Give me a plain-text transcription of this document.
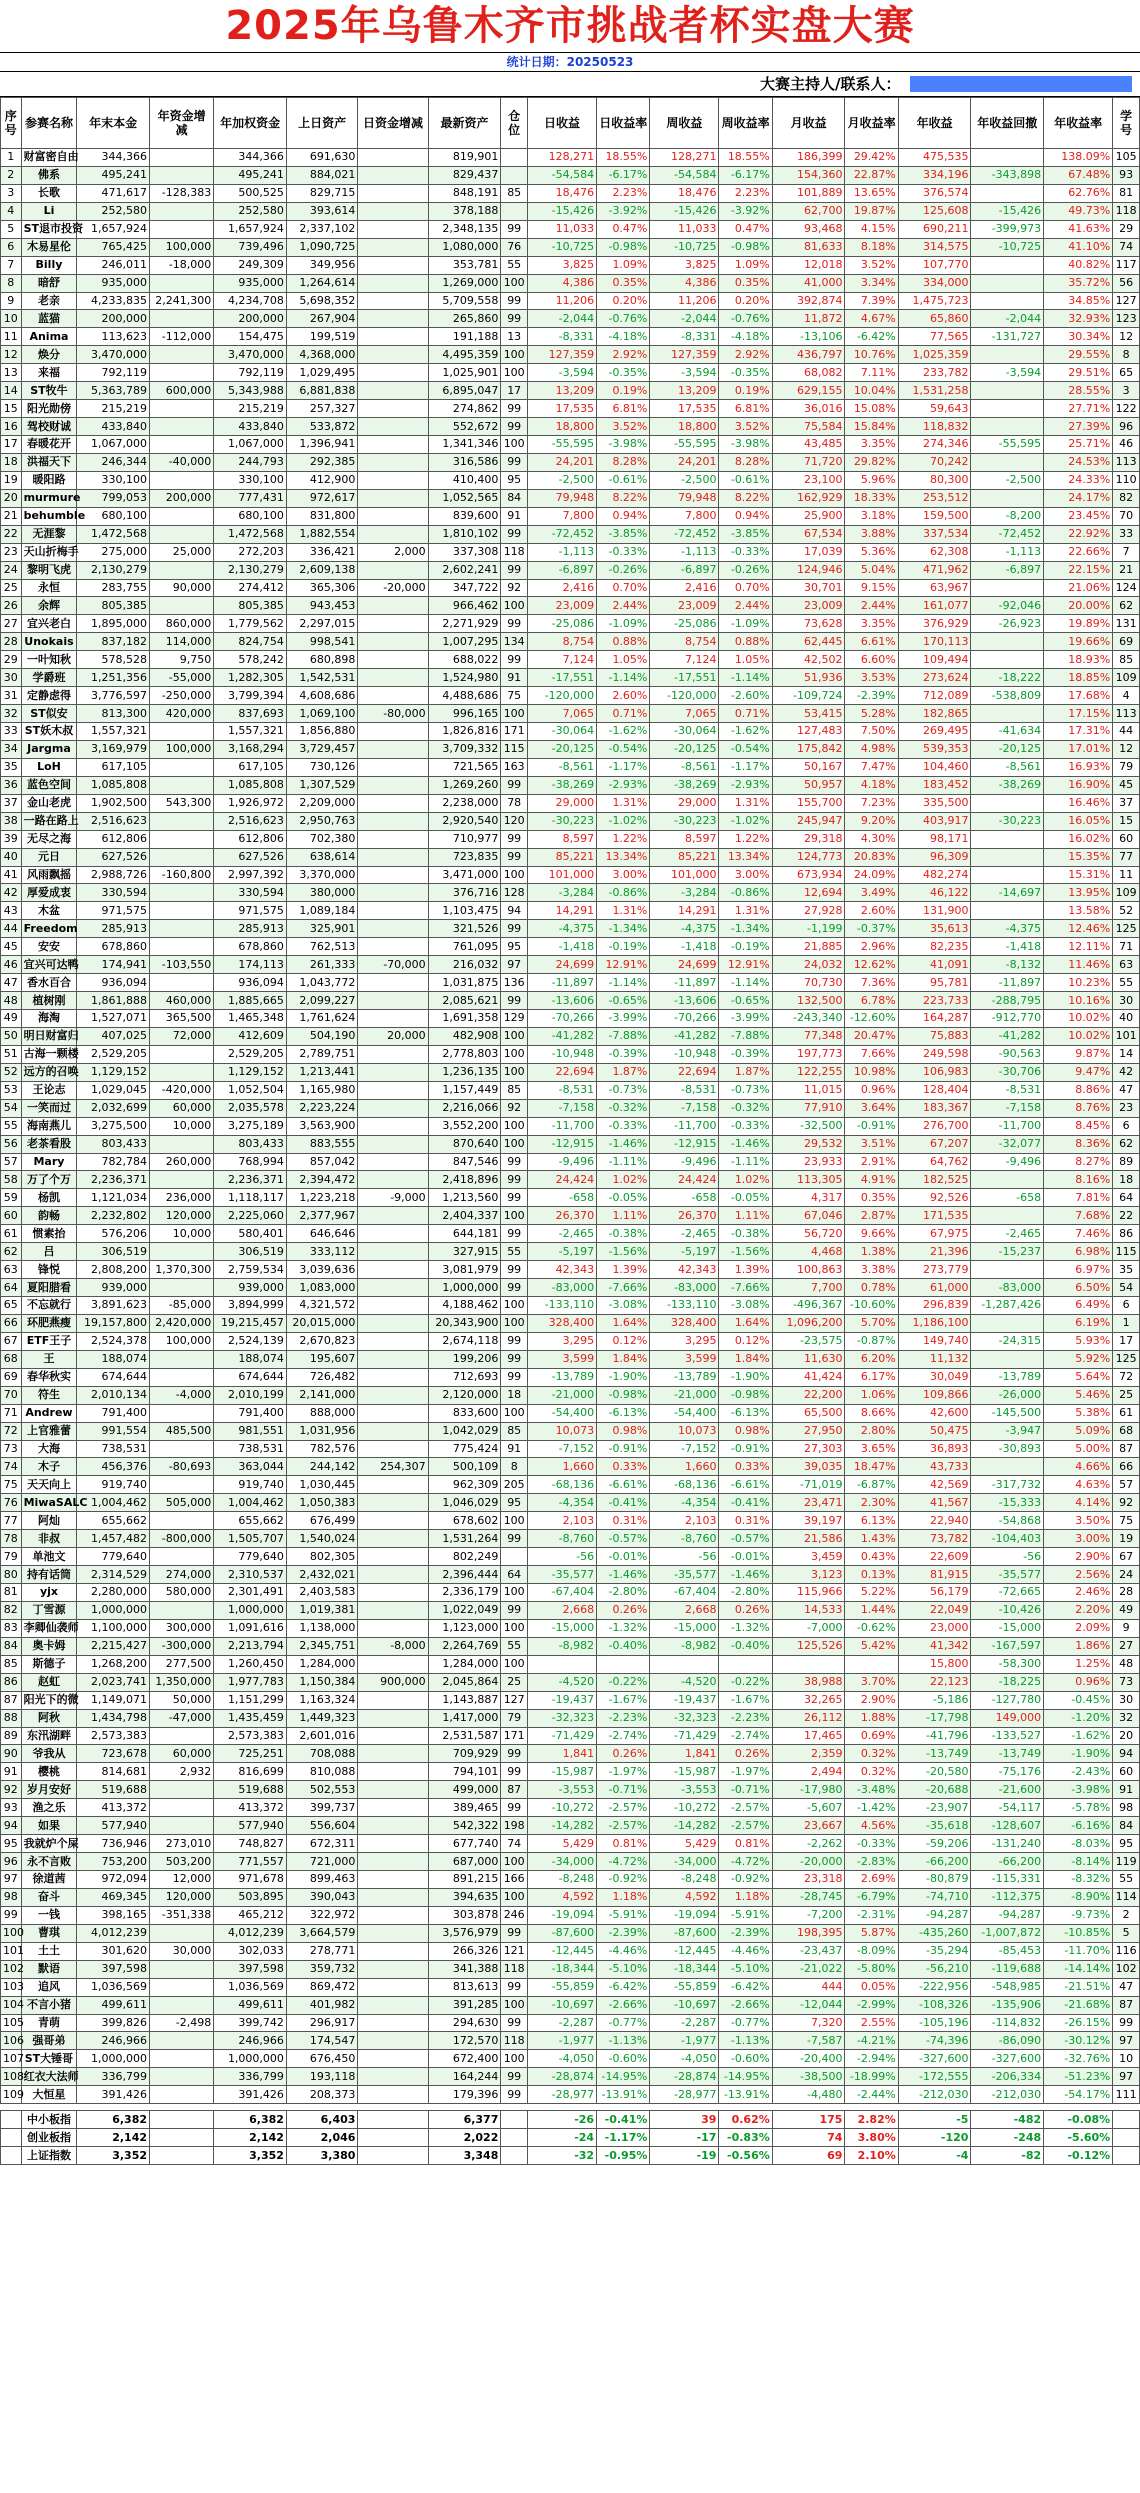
2025年乌鲁木齐市挑战者杯实盘大赛
统计日期：20250523
大赛主持人/联系人：
序号	参赛名称	年末本金	年资金增减	年加权资金	上日资产	日资金增减	最新资产	仓位	日收益	日收益率	周收益	周收益率	月收益	月收益率	年收益	年收益回撤	年收益率	学号
1	财富密自由	344,366		344,366	691,630		819,901		128,271	18.55%	128,271	18.55%	186,399	29.42%	475,535		138.09%	105
2	佛系	495,241		495,241	884,021		829,437		-54,584	-6.17%	-54,584	-6.17%	154,360	22.87%	334,196	-343,898	67.48%	93
3	长歌	471,617	-128,383	500,525	829,715		848,191	85	18,476	2.23%	18,476	2.23%	101,889	13.65%	376,574		62.76%	81
4	Li	252,580		252,580	393,614		378,188		-15,426	-3.92%	-15,426	-3.92%	62,700	19.87%	125,608	-15,426	49.73%	118
5	ST退市投资	1,657,924		1,657,924	2,337,102		2,348,135	99	11,033	0.47%	11,033	0.47%	93,468	4.15%	690,211	-399,973	41.63%	29
6	木易星伦	765,425	100,000	739,496	1,090,725		1,080,000	76	-10,725	-0.98%	-10,725	-0.98%	81,633	8.18%	314,575	-10,725	41.10%	74
7	Billy	246,011	-18,000	249,309	349,956		353,781	55	3,825	1.09%	3,825	1.09%	12,018	3.52%	107,770		40.82%	117
8	暗舒	935,000		935,000	1,264,614		1,269,000	100	4,386	0.35%	4,386	0.35%	41,000	3.34%	334,000		35.72%	56
9	老亲	4,233,835	2,241,300	4,234,708	5,698,352		5,709,558	99	11,206	0.20%	11,206	0.20%	392,874	7.39%	1,475,723		34.85%	127
10	蓝猫	200,000		200,000	267,904		265,860	99	-2,044	-0.76%	-2,044	-0.76%	11,872	4.67%	65,860	-2,044	32.93%	123
11	Anima	113,623	-112,000	154,475	199,519		191,188	13	-8,331	-4.18%	-8,331	-4.18%	-13,106	-6.42%	77,565	-131,727	30.34%	12
12	焕分	3,470,000		3,470,000	4,368,000		4,495,359	100	127,359	2.92%	127,359	2.92%	436,797	10.76%	1,025,359		29.55%	8
13	来福	792,119		792,119	1,029,495		1,025,901	100	-3,594	-0.35%	-3,594	-0.35%	68,082	7.11%	233,782	-3,594	29.51%	65
14	ST牧牛	5,363,789	600,000	5,343,988	6,881,838		6,895,047	17	13,209	0.19%	13,209	0.19%	629,155	10.04%	1,531,258		28.55%	3
15	阳光勋傍	215,219		215,219	257,327		274,862	99	17,535	6.81%	17,535	6.81%	36,016	15.08%	59,643		27.71%	122
16	驾校财诚	433,840		433,840	533,872		552,672	99	18,800	3.52%	18,800	3.52%	75,584	15.84%	118,832		27.39%	96
17	春暖花开	1,067,000		1,067,000	1,396,941		1,341,346	100	-55,595	-3.98%	-55,595	-3.98%	43,485	3.35%	274,346	-55,595	25.71%	46
18	洪福天下	246,344	-40,000	244,793	292,385		316,586	99	24,201	8.28%	24,201	8.28%	71,720	29.82%	70,242		24.53%	113
19	暖阳路	330,100		330,100	412,900		410,400	95	-2,500	-0.61%	-2,500	-0.61%	23,100	5.96%	80,300	-2,500	24.33%	110
20	murmure	799,053	200,000	777,431	972,617		1,052,565	84	79,948	8.22%	79,948	8.22%	162,929	18.33%	253,512		24.17%	82
21	behumble	680,100		680,100	831,800		839,600	91	7,800	0.94%	7,800	0.94%	25,900	3.18%	159,500	-8,200	23.45%	70
22	无涯黎	1,472,568		1,472,568	1,882,554		1,810,102	99	-72,452	-3.85%	-72,452	-3.85%	67,534	3.88%	337,534	-72,452	22.92%	33
23	天山折梅手	275,000	25,000	272,203	336,421	2,000	337,308	118	-1,113	-0.33%	-1,113	-0.33%	17,039	5.36%	62,308	-1,113	22.66%	7
24	黎明飞虎	2,130,279		2,130,279	2,609,138		2,602,241	99	-6,897	-0.26%	-6,897	-0.26%	124,946	5.04%	471,962	-6,897	22.15%	21
25	永恒	283,755	90,000	274,412	365,306	-20,000	347,722	92	2,416	0.70%	2,416	0.70%	30,701	9.15%	63,967		21.06%	124
26	余辉	805,385		805,385	943,453		966,462	100	23,009	2.44%	23,009	2.44%	23,009	2.44%	161,077	-92,046	20.00%	62
27	宜兴老白	1,895,000	860,000	1,779,562	2,297,015		2,271,929	99	-25,086	-1.09%	-25,086	-1.09%	73,628	3.35%	376,929	-26,923	19.89%	131
28	Unokais	837,182	114,000	824,754	998,541		1,007,295	134	8,754	0.88%	8,754	0.88%	62,445	6.61%	170,113		19.66%	69
29	一叶知秋	578,528	9,750	578,242	680,898		688,022	99	7,124	1.05%	7,124	1.05%	42,502	6.60%	109,494		18.93%	85
30	学爵班	1,251,356	-55,000	1,282,305	1,542,531		1,524,980	91	-17,551	-1.14%	-17,551	-1.14%	51,936	3.53%	273,624	-18,222	18.85%	109
31	定静虑得	3,776,597	-250,000	3,799,394	4,608,686		4,488,686	75	-120,000	2.60%	-120,000	-2.60%	-109,724	-2.39%	712,089	-538,809	17.68%	4
32	ST似安	813,300	420,000	837,693	1,069,100	-80,000	996,165	100	7,065	0.71%	7,065	0.71%	53,415	5.28%	182,865		17.15%	113
33	ST妖木叔	1,557,321		1,557,321	1,856,880		1,826,816	171	-30,064	-1.62%	-30,064	-1.62%	127,483	7.50%	269,495	-41,634	17.31%	44
34	Jargma	3,169,979	100,000	3,168,294	3,729,457		3,709,332	115	-20,125	-0.54%	-20,125	-0.54%	175,842	4.98%	539,353	-20,125	17.01%	12
35	LoH	617,105		617,105	730,126		721,565	163	-8,561	-1.17%	-8,561	-1.17%	50,167	7.47%	104,460	-8,561	16.93%	79
36	蓝色空间	1,085,808		1,085,808	1,307,529		1,269,260	99	-38,269	-2.93%	-38,269	-2.93%	50,957	4.18%	183,452	-38,269	16.90%	45
37	金山老虎	1,902,500	543,300	1,926,972	2,209,000		2,238,000	78	29,000	1.31%	29,000	1.31%	155,700	7.23%	335,500		16.46%	37
38	一路在路上	2,516,623		2,516,623	2,950,763		2,920,540	120	-30,223	-1.02%	-30,223	-1.02%	245,947	9.20%	403,917	-30,223	16.05%	15
39	无尽之海	612,806		612,806	702,380		710,977	99	8,597	1.22%	8,597	1.22%	29,318	4.30%	98,171		16.02%	60
40	元日	627,526		627,526	638,614		723,835	99	85,221	13.34%	85,221	13.34%	124,773	20.83%	96,309		15.35%	77
41	风雨飘摇	2,988,726	-160,800	2,997,392	3,370,000		3,471,000	100	101,000	3.00%	101,000	3.00%	673,934	24.09%	482,274		15.31%	11
42	厚爱成衷	330,594		330,594	380,000		376,716	128	-3,284	-0.86%	-3,284	-0.86%	12,694	3.49%	46,122	-14,697	13.95%	109
43	木盆	971,575		971,575	1,089,184		1,103,475	94	14,291	1.31%	14,291	1.31%	27,928	2.60%	131,900		13.58%	52
44	Freedom	285,913		285,913	325,901		321,526	99	-4,375	-1.34%	-4,375	-1.34%	-1,199	-0.37%	35,613	-4,375	12.46%	125
45	安安	678,860		678,860	762,513		761,095	95	-1,418	-0.19%	-1,418	-0.19%	21,885	2.96%	82,235	-1,418	12.11%	71
46	宜兴可达鸭	174,941	-103,550	174,113	261,333	-70,000	216,032	97	24,699	12.91%	24,699	12.91%	24,032	12.62%	41,091	-8,132	11.46%	63
47	香水百合	936,094		936,094	1,043,772		1,031,875	136	-11,897	-1.14%	-11,897	-1.14%	70,730	7.36%	95,781	-11,897	10.23%	55
48	植树刚	1,861,888	460,000	1,885,665	2,099,227		2,085,621	99	-13,606	-0.65%	-13,606	-0.65%	132,500	6.78%	223,733	-288,795	10.16%	30
49	海淘	1,527,071	365,500	1,465,348	1,761,624		1,691,358	129	-70,266	-3.99%	-70,266	-3.99%	-243,340	-12.60%	164,287	-912,770	10.02%	40
50	明日财富归	407,025	72,000	412,609	504,190	20,000	482,908	100	-41,282	-7.88%	-41,282	-7.88%	77,348	20.47%	75,883	-41,282	10.02%	101
51	古海一颗楼	2,529,205		2,529,205	2,789,751		2,778,803	100	-10,948	-0.39%	-10,948	-0.39%	197,773	7.66%	249,598	-90,563	9.87%	14
52	远方的召唤	1,129,152		1,129,152	1,213,441		1,236,135	100	22,694	1.87%	22,694	1.87%	122,255	10.98%	106,983	-30,706	9.47%	42
53	王论志	1,029,045	-420,000	1,052,504	1,165,980		1,157,449	85	-8,531	-0.73%	-8,531	-0.73%	11,015	0.96%	128,404	-8,531	8.86%	47
54	一笑而过	2,032,699	60,000	2,035,578	2,223,224		2,216,066	92	-7,158	-0.32%	-7,158	-0.32%	77,910	3.64%	183,367	-7,158	8.76%	23
55	海南燕儿	3,275,500	10,000	3,275,189	3,563,900		3,552,200	100	-11,700	-0.33%	-11,700	-0.33%	-32,500	-0.91%	276,700	-11,700	8.45%	6
56	老茶看股	803,433		803,433	883,555		870,640	100	-12,915	-1.46%	-12,915	-1.46%	29,532	3.51%	67,207	-32,077	8.36%	62
57	Mary	782,784	260,000	768,994	857,042		847,546	99	-9,496	-1.11%	-9,496	-1.11%	23,933	2.91%	64,762	-9,496	8.27%	89
58	万了个万	2,236,371		2,236,371	2,394,472		2,418,896	99	24,424	1.02%	24,424	1.02%	113,305	4.91%	182,525		8.16%	18
59	杨凯	1,121,034	236,000	1,118,117	1,223,218	-9,000	1,213,560	99	-658	-0.05%	-658	-0.05%	4,317	0.35%	92,526	-658	7.81%	64
60	韵畅	2,232,802	120,000	2,225,060	2,377,967		2,404,337	100	26,370	1.11%	26,370	1.11%	67,046	2.87%	171,535		7.68%	22
61	惯素抬	576,206	10,000	580,401	646,646		644,181	99	-2,465	-0.38%	-2,465	-0.38%	56,720	9.66%	67,975	-2,465	7.46%	86
62	吕	306,519		306,519	333,112		327,915	55	-5,197	-1.56%	-5,197	-1.56%	4,468	1.38%	21,396	-15,237	6.98%	115
63	锋悦	2,808,200	1,370,300	2,759,534	3,039,636		3,081,979	99	42,343	1.39%	42,343	1.39%	100,863	3.38%	273,779		6.97%	35
64	夏阳腊看	939,000		939,000	1,083,000		1,000,000	99	-83,000	-7.66%	-83,000	-7.66%	7,700	0.78%	61,000	-83,000	6.50%	54
65	不忘就行	3,891,623	-85,000	3,894,999	4,321,572		4,188,462	100	-133,110	-3.08%	-133,110	-3.08%	-496,367	-10.60%	296,839	-1,287,426	6.49%	6
66	环肥燕瘦	19,157,800	2,420,000	19,215,457	20,015,000		20,343,900	100	328,400	1.64%	328,400	1.64%	1,096,200	5.70%	1,186,100		6.19%	1
67	ETF王子	2,524,378	100,000	2,524,139	2,670,823		2,674,118	99	3,295	0.12%	3,295	0.12%	-23,575	-0.87%	149,740	-24,315	5.93%	17
68	王	188,074		188,074	195,607		199,206	99	3,599	1.84%	3,599	1.84%	11,630	6.20%	11,132		5.92%	125
69	春华秋实	674,644		674,644	726,482		712,693	99	-13,789	-1.90%	-13,789	-1.90%	41,424	6.17%	30,049	-13,789	5.64%	72
70	符生	2,010,134	-4,000	2,010,199	2,141,000		2,120,000	18	-21,000	-0.98%	-21,000	-0.98%	22,200	1.06%	109,866	-26,000	5.46%	25
71	Andrew	791,400		791,400	888,000		833,600	100	-54,400	-6.13%	-54,400	-6.13%	65,500	8.66%	42,600	-145,500	5.38%	61
72	上官雅蕾	991,554	485,500	981,551	1,031,956		1,042,029	85	10,073	0.98%	10,073	0.98%	27,950	2.80%	50,475	-3,947	5.09%	68
73	大海	738,531		738,531	782,576		775,424	91	-7,152	-0.91%	-7,152	-0.91%	27,303	3.65%	36,893	-30,893	5.00%	87
74	木子	456,376	-80,693	363,044	244,142	254,307	500,109	8	1,660	0.33%	1,660	0.33%	39,035	18.47%	43,733		4.66%	66
75	天天向上	919,740		919,740	1,030,445		962,309	205	-68,136	-6.61%	-68,136	-6.61%	-71,019	-6.87%	42,569	-317,732	4.63%	57
76	MiwaSALC	1,004,462	505,000	1,004,462	1,050,383		1,046,029	95	-4,354	-0.41%	-4,354	-0.41%	23,471	2.30%	41,567	-15,333	4.14%	92
77	阿灿	655,662		655,662	676,499		678,602	100	2,103	0.31%	2,103	0.31%	39,197	6.13%	22,940	-54,868	3.50%	75
78	非叔	1,457,482	-800,000	1,505,707	1,540,024		1,531,264	99	-8,760	-0.57%	-8,760	-0.57%	21,586	1.43%	73,782	-104,403	3.00%	19
79	单池文	779,640		779,640	802,305		802,249		-56	-0.01%	-56	-0.01%	3,459	0.43%	22,609	-56	2.90%	67
80	持有话筒	2,314,529	274,000	2,310,537	2,432,021		2,396,444	64	-35,577	-1.46%	-35,577	-1.46%	3,123	0.13%	81,915	-35,577	2.56%	24
81	yjx	2,280,000	580,000	2,301,491	2,403,583		2,336,179	100	-67,404	-2.80%	-67,404	-2.80%	115,966	5.22%	56,179	-72,665	2.46%	28
82	丁雪源	1,000,000		1,000,000	1,019,381		1,022,049	99	2,668	0.26%	2,668	0.26%	14,533	1.44%	22,049	-10,426	2.20%	49
83	李卿仙袭师	1,100,000	300,000	1,091,616	1,138,000		1,123,000	100	-15,000	-1.32%	-15,000	-1.32%	-7,000	-0.62%	23,000	-15,000	2.09%	9
84	奥卡姆	2,215,427	-300,000	2,213,794	2,345,751	-8,000	2,264,769	55	-8,982	-0.40%	-8,982	-0.40%	125,526	5.42%	41,342	-167,597	1.86%	27
85	斯德子	1,268,200	277,500	1,260,450	1,284,000		1,284,000	100							15,800	-58,300	1.25%	48
86	赵虹	2,023,741	1,350,000	1,977,783	1,150,384	900,000	2,045,864	25	-4,520	-0.22%	-4,520	-0.22%	38,988	3.70%	22,123	-18,225	0.96%	73
87	阳光下的微	1,149,071	50,000	1,151,299	1,163,324		1,143,887	127	-19,437	-1.67%	-19,437	-1.67%	32,265	2.90%	-5,186	-127,780	-0.45%	30
88	阿秋	1,434,798	-47,000	1,435,459	1,449,323		1,417,000	79	-32,323	-2.23%	-32,323	-2.23%	26,112	1.88%	-17,798	149,000	-1.20%	32
89	东汛湖畔	2,573,383		2,573,383	2,601,016		2,531,587	171	-71,429	-2.74%	-71,429	-2.74%	17,465	0.69%	-41,796	-133,527	-1.62%	20
90	爷我从	723,678	60,000	725,251	708,088		709,929	99	1,841	0.26%	1,841	0.26%	2,359	0.32%	-13,749	-13,749	-1.90%	94
91	樱桃	814,681	2,932	816,699	810,088		794,101	99	-15,987	-1.97%	-15,987	-1.97%	2,494	0.32%	-20,580	-75,176	-2.43%	60
92	岁月安好	519,688		519,688	502,553		499,000	87	-3,553	-0.71%	-3,553	-0.71%	-17,980	-3.48%	-20,688	-21,600	-3.98%	91
93	渔之乐	413,372		413,372	399,737		389,465	99	-10,272	-2.57%	-10,272	-2.57%	-5,607	-1.42%	-23,907	-54,117	-5.78%	98
94	如果	577,940		577,940	556,604		542,322	198	-14,282	-2.57%	-14,282	-2.57%	23,667	4.56%	-35,618	-128,607	-6.16%	84
95	我就炉个屎	736,946	273,010	748,827	672,311		677,740	74	5,429	0.81%	5,429	0.81%	-2,262	-0.33%	-59,206	-131,240	-8.03%	95
96	永不言败	753,200	503,200	771,557	721,000		687,000	100	-34,000	-4.72%	-34,000	-4.72%	-20,000	-2.83%	-66,200	-66,200	-8.14%	119
97	徐道茜	972,094	12,000	971,678	899,463		891,215	166	-8,248	-0.92%	-8,248	-0.92%	23,318	2.69%	-80,879	-115,331	-8.32%	55
98	奋斗	469,345	120,000	503,895	390,043		394,635	100	4,592	1.18%	4,592	1.18%	-28,745	-6.79%	-74,710	-112,375	-8.90%	114
99	一钱	398,165	-351,338	465,212	322,972		303,878	246	-19,094	-5.91%	-19,094	-5.91%	-7,200	-2.31%	-94,287	-94,287	-9.73%	2
100	曹琪	4,012,239		4,012,239	3,664,579		3,576,979	99	-87,600	-2.39%	-87,600	-2.39%	198,395	5.87%	-435,260	-1,007,872	-10.85%	5
101	土土	301,620	30,000	302,033	278,771		266,326	121	-12,445	-4.46%	-12,445	-4.46%	-23,437	-8.09%	-35,294	-85,453	-11.70%	116
102	默语	397,598		397,598	359,732		341,388	118	-18,344	-5.10%	-18,344	-5.10%	-21,022	-5.80%	-56,210	-119,688	-14.14%	102
103	追风	1,036,569		1,036,569	869,472		813,613	99	-55,859	-6.42%	-55,859	-6.42%	444	0.05%	-222,956	-548,985	-21.51%	47
104	不言小猪	499,611		499,611	401,982		391,285	100	-10,697	-2.66%	-10,697	-2.66%	-12,044	-2.99%	-108,326	-135,906	-21.68%	87
105	青萌	399,826	-2,498	399,742	296,917		294,630	99	-2,287	-0.77%	-2,287	-0.77%	7,320	2.55%	-105,196	-114,832	-26.15%	99
106	强哥弟	246,966		246,966	174,547		172,570	118	-1,977	-1.13%	-1,977	-1.13%	-7,587	-4.21%	-74,396	-86,090	-30.12%	97
107	ST大锤哥	1,000,000		1,000,000	676,450		672,400	100	-4,050	-0.60%	-4,050	-0.60%	-20,400	-2.94%	-327,600	-327,600	-32.76%	10
108	红衣大法师	336,799		336,799	193,118		164,244	99	-28,874	-14.95%	-28,874	-14.95%	-38,500	-18.99%	-172,555	-206,334	-51.23%	97
109	大恒星	391,426		391,426	208,373		179,396	99	-28,977	-13.91%	-28,977	-13.91%	-4,480	-2.44%	-212,030	-212,030	-54.17%	111

	中小板指	6,382		6,382	6,403		6,377		-26	-0.41%	39	0.62%	175	2.82%	-5	-482	-0.08%	
	创业板指	2,142		2,142	2,046		2,022		-24	-1.17%	-17	-0.83%	74	3.80%	-120	-248	-5.60%	
	上证指数	3,352		3,352	3,380		3,348		-32	-0.95%	-19	-0.56%	69	2.10%	-4	-82	-0.12%	
